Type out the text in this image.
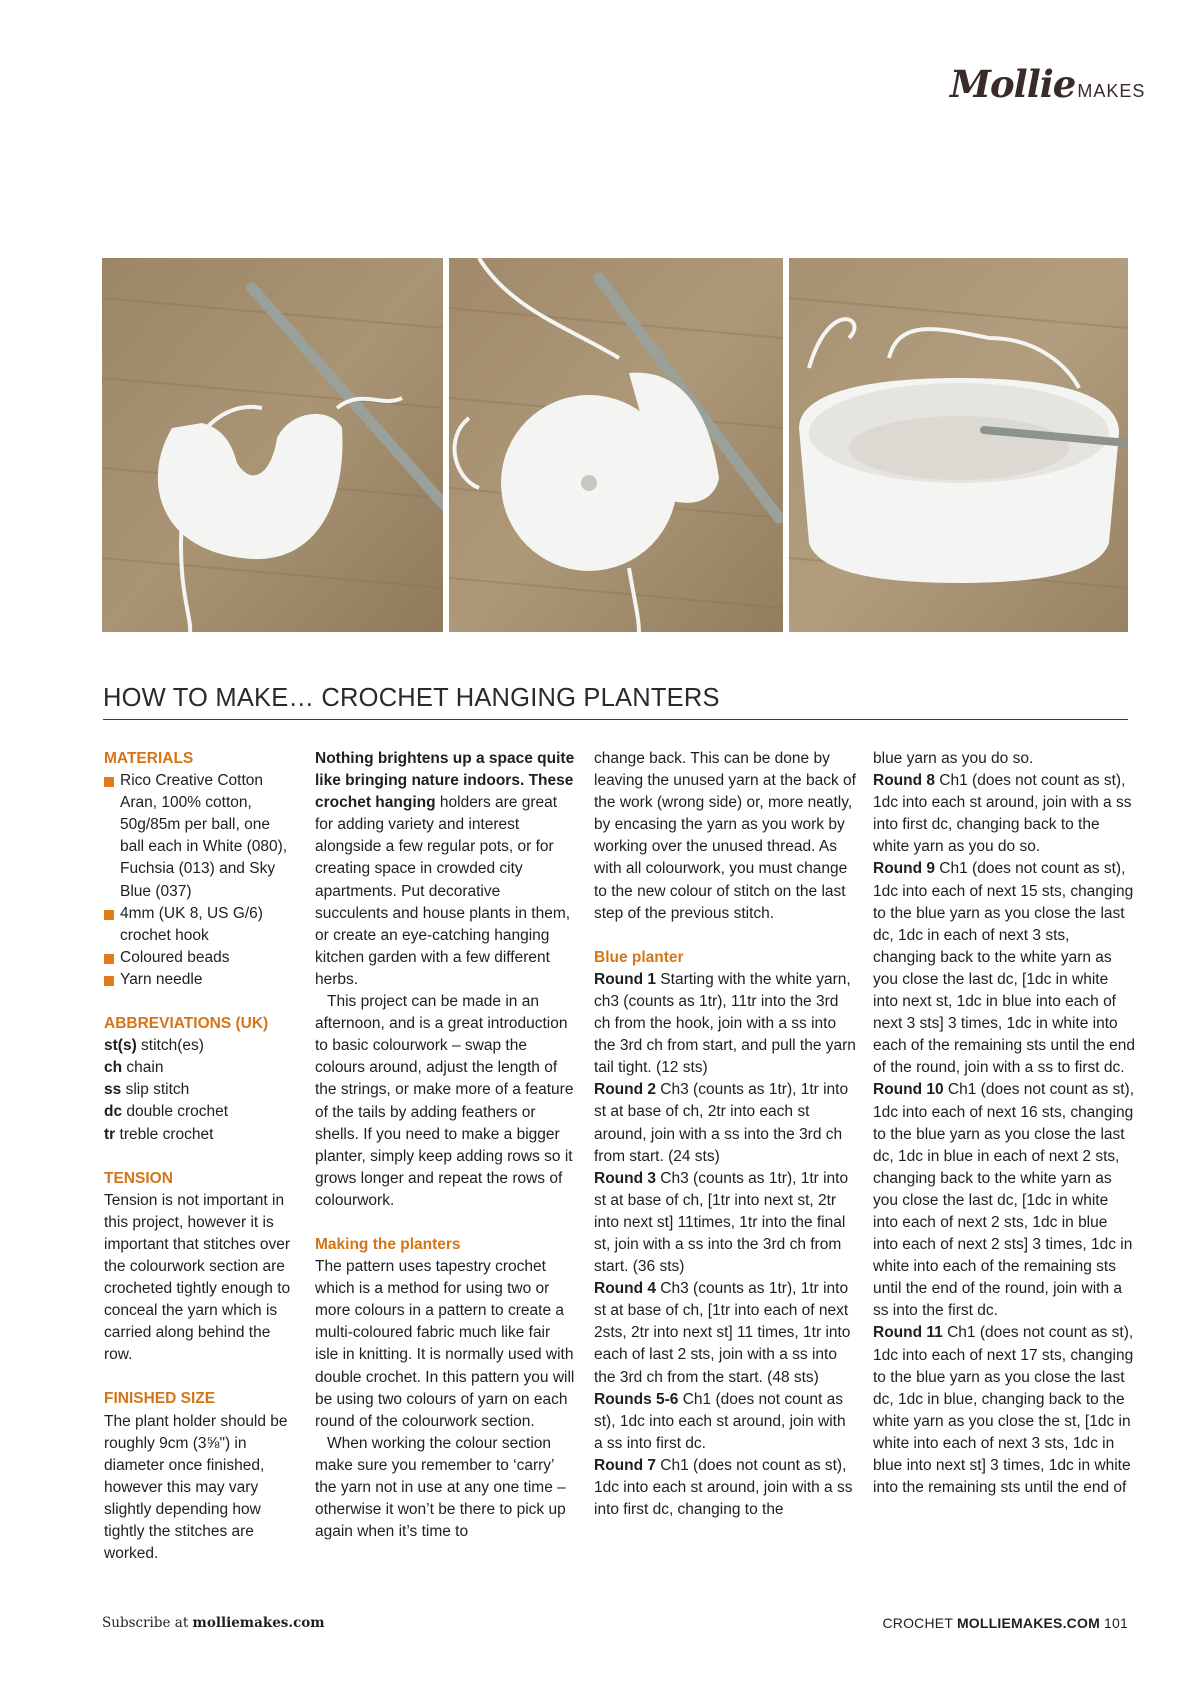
Mollie MAKES
HOW TO MAKE… CROCHET HANGING PLANTERS
MATERIALS
Rico Creative Cotton Aran, 100% cotton, 50g/85m per ball, one ball each in White (080), Fuchsia (013) and Sky Blue (037)
4mm (UK 8, US G/6) crochet hook
Coloured beads
Yarn needle
ABBREVIATIONS (UK)
st(s) stitch(es)
ch chain
ss slip stitch
dc double crochet
tr treble crochet
TENSION

Tension is not important in this project, however it is important that stitches over the colourwork section are crocheted tightly enough to conceal the yarn which is carried along behind the row.

FINISHED SIZE

The plant holder should be roughly 9cm (3⅝") in diameter once finished, however this may vary slightly depending how tightly the stitches are worked.

Nothing brightens up a space quite like bringing nature indoors. These crochet hanging holders are great for adding variety and interest alongside a few regular pots, or for creating space in crowded city apartments. Put decorative succulents and house plants in them, or create an eye-catching hanging kitchen garden with a few different herbs.

This project can be made in an afternoon, and is a great introduction to basic colourwork – swap the colours around, adjust the length of the strings, or make more of a feature of the tails by adding feathers or shells. If you need to make a bigger planter, simply keep adding rows so it grows longer and repeat the rows of colourwork.

Making the planters

The pattern uses tapestry crochet which is a method for using two or more colours in a pattern to create a multi-coloured fabric much like fair isle in knitting. It is normally used with double crochet. In this pattern you will be using two colours of yarn on each round of the colourwork section.

When working the colour section make sure you remember to ‘carry’ the yarn not in use at any one time – otherwise it won’t be there to pick up again when it’s time to

change back. This can be done by leaving the unused yarn at the back of the work (wrong side) or, more neatly, by encasing the yarn as you work by working over the unused thread. As with all colourwork, you must change to the new colour of stitch on the last step of the previous stitch.

Blue planter

Round 1 Starting with the white yarn, ch3 (counts as 1tr), 11tr into the 3rd ch from the hook, join with a ss into the 3rd ch from start, and pull the yarn tail tight. (12 sts)

Round 2 Ch3 (counts as 1tr), 1tr into st at base of ch, 2tr into each st around, join with a ss into the 3rd ch from start. (24 sts)

Round 3 Ch3 (counts as 1tr), 1tr into st at base of ch, [1tr into next st, 2tr into next st] 11times, 1tr into the final st, join with a ss into the 3rd ch from start. (36 sts)

Round 4 Ch3 (counts as 1tr), 1tr into st at base of ch, [1tr into each of next 2sts, 2tr into next st] 11 times, 1tr into each of last 2 sts, join with a ss into the 3rd ch from the start. (48 sts)

Rounds 5-6 Ch1 (does not count as st), 1dc into each st around, join with a ss into first dc.

Round 7 Ch1 (does not count as st), 1dc into each st around, join with a ss into first dc, changing to the

blue yarn as you do so.

Round 8 Ch1 (does not count as st), 1dc into each st around, join with a ss into first dc, changing back to the white yarn as you do so.

Round 9 Ch1 (does not count as st), 1dc into each of next 15 sts, changing to the blue yarn as you close the last dc, 1dc in each of next 3 sts, changing back to the white yarn as you close the last dc, [1dc in white into next st, 1dc in blue into each of next 3 sts] 3 times, 1dc in white into each of the remaining sts until the end of the round, join with a ss to first dc.

Round 10 Ch1 (does not count as st), 1dc into each of next 16 sts, changing to the blue yarn as you close the last dc, 1dc in blue in each of next 2 sts, changing back to the white yarn as you close the last dc, [1dc in white into each of next 2 sts, 1dc in blue into each of next 2 sts] 3 times, 1dc in white into each of the remaining sts until the end of the round, join with a ss into the first dc.

Round 11 Ch1 (does not count as st), 1dc into each of next 17 sts, changing to the blue yarn as you close the last dc, 1dc in blue, changing back to the white yarn as you close the st, [1dc in white into each of next 3 sts, 1dc in blue into next st] 3 times, 1dc in white into the remaining sts until the end of

Subscribe at molliemakes.com	CROCHET MOLLIEMAKES.COM 101
